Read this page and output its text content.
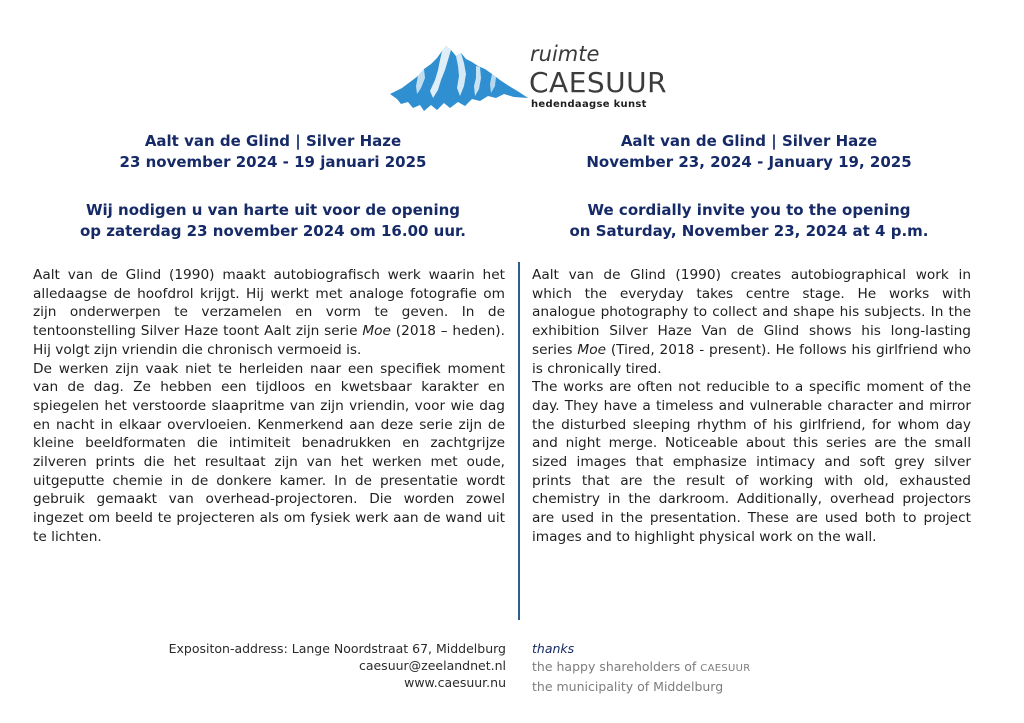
ruimte
CAESUUR
hedendaagse kunst
Aalt van de Glind | Silver Haze
23 november 2024 - 19 januari 2025
Aalt van de Glind | Silver Haze
November 23, 2024 - January 19, 2025
Wij nodigen u van harte uit voor de opening
op zaterdag 23 november 2024 om 16.00 uur.
We cordially invite you to the opening
on Saturday, November 23, 2024 at 4 p.m.

Aalt van de Glind (1990) maakt autobiografisch werk waarin het alledaagse de hoofdrol krijgt. Hij werkt met analoge fotografie om zijn onderwerpen te verzamelen en vorm te geven. In de tentoonstelling Silver Haze toont Aalt zijn serie Moe (2018 – heden). Hij volgt zijn vriendin die chronisch vermoeid is.

De werken zijn vaak niet te herleiden naar een specifiek moment van de dag. Ze hebben een tijdloos en kwetsbaar karakter en spiegelen het verstoorde slaapritme van zijn vriendin, voor wie dag en nacht in elkaar overvloeien. Kenmerkend aan deze serie zijn de kleine beeldformaten die intimiteit benadrukken en zachtgrijze zilveren prints die het resultaat zijn van het werken met oude, uitgeputte chemie in de donkere kamer. In de presentatie wordt gebruik gemaakt van overhead-projectoren. Die worden zowel ingezet om beeld te projecteren als om fysiek werk aan de wand uit te lichten.

Aalt van de Glind (1990) creates autobiographical work in which the everyday takes centre stage. He works with analogue photography to collect and shape his subjects. In the exhibition Silver Haze Van de Glind shows his long-lasting series Moe (Tired, 2018 - present). He follows his girlfriend who is chronically tired.

The works are often not reducible to a specific moment of the day. They have a timeless and vulnerable character and mirror the disturbed sleeping rhythm of his girlfriend, for whom day and night merge. Noticeable about this series are the small sized images that emphasize intimacy and soft grey silver prints that are the result of working with old, exhausted chemistry in the darkroom. Additionally, overhead projectors are used in the presentation. These are used both to project images and to highlight physical work on the wall.

Expositon-address: Lange Noordstraat 67, Middelburg
caesuur@zeelandnet.nl
www.caesuur.nu
thanks
the happy shareholders of CAESUUR
the municipality of Middelburg
